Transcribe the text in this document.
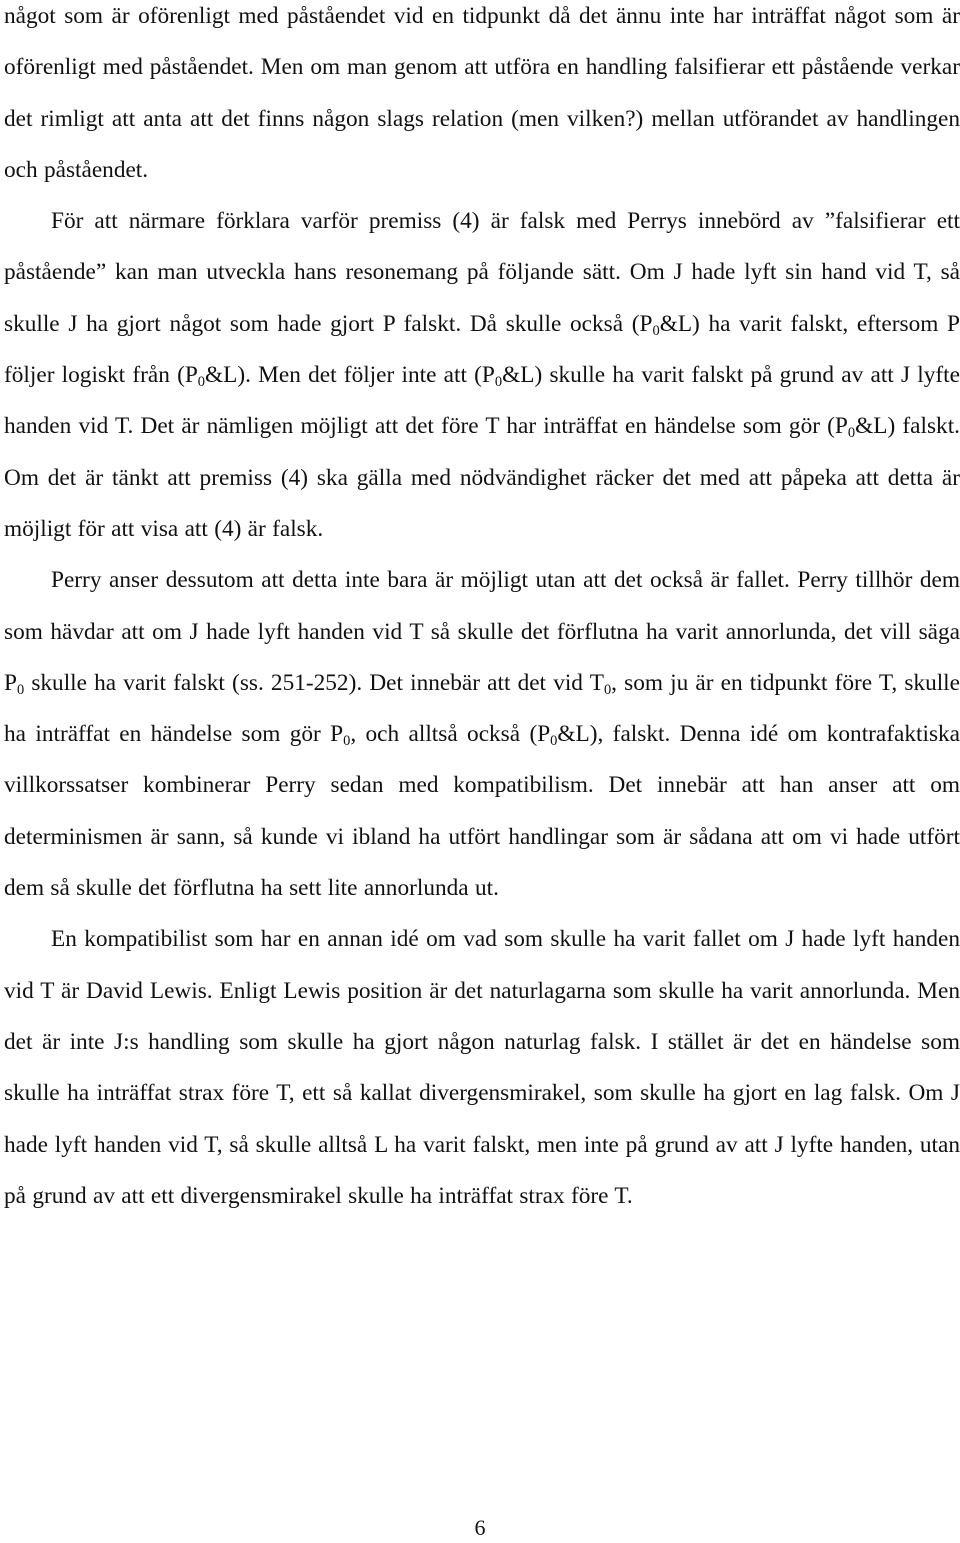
något som är oförenligt med påståendet vid en tidpunkt då det ännu inte har inträffat något som är oförenligt med påståendet. Men om man genom att utföra en handling falsifierar ett påstående verkar det rimligt att anta att det finns någon slags relation (men vilken?) mellan utförandet av handlingen och påståendet.

För att närmare förklara varför premiss (4) är falsk med Perrys innebörd av ”falsifierar ett påstående” kan man utveckla hans resonemang på följande sätt. Om J hade lyft sin hand vid T, så skulle J ha gjort något som hade gjort P falskt. Då skulle också $(P_0\&L)$ ha varit falskt, eftersom P följer logiskt från $(P_0\&L)$. Men det följer inte att $(P_0\&L)$ skulle ha varit falskt på grund av att J lyfte handen vid T. Det är nämligen möjligt att det före T har inträffat en händelse som gör $(P_0\&L)$ falskt. Om det är tänkt att premiss (4) ska gälla med nödvändighet räcker det med att påpeka att detta är möjligt för att visa att (4) är falsk.

Perry anser dessutom att detta inte bara är möjligt utan att det också är fallet. Perry tillhör dem som hävdar att om J hade lyft handen vid T så skulle det förflutna ha varit annorlunda, det vill säga $P_0$ skulle ha varit falskt (ss. 251-252). Det innebär att det vid $T_0$, som ju är en tidpunkt före T, skulle ha inträffat en händelse som gör $P_0$, och alltså också $(P_0\&L)$, falskt. Denna idé om kontrafaktiska villkorssatser kombinerar Perry sedan med kompatibilism. Det innebär att han anser att om determinismen är sann, så kunde vi ibland ha utfört handlingar som är sådana att om vi hade utfört dem så skulle det förflutna ha sett lite annorlunda ut.

En kompatibilist som har en annan idé om vad som skulle ha varit fallet om J hade lyft handen vid T är David Lewis. Enligt Lewis position är det naturlagarna som skulle ha varit annorlunda. Men det är inte J:s handling som skulle ha gjort någon naturlag falsk. I stället är det en händelse som skulle ha inträffat strax före T, ett så kallat divergensmirakel, som skulle ha gjort en lag falsk. Om J hade lyft handen vid T, så skulle alltså L ha varit falskt, men inte på grund av att J lyfte handen, utan på grund av att ett divergensmirakel skulle ha inträffat strax före T.

6
